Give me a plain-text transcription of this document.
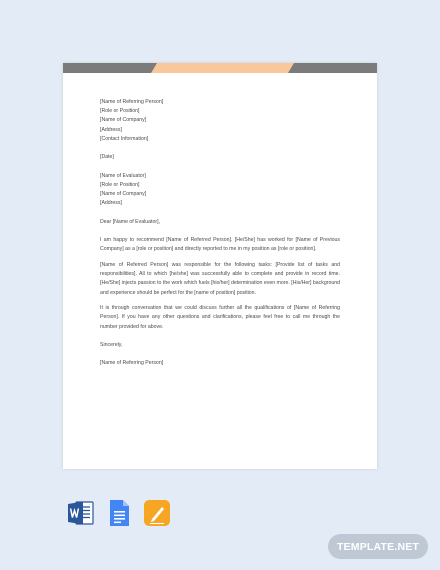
[Name of Referring Person]
[Role or Position]
[Name of Company]
[Address]
[Contact Information]
[Date]
[Name of Evaluator]
[Role or Position]
[Name of Company]
[Address]
Dear [Name of Evaluator],

I am happy to recommend [Name of Referred Person]. [He/She] has worked for [Name of Previous Company] as a [role or position] and directly reported to me in my position as [role or position].

[Name of Referred Person] was responsible for the following tasks: [Provide list of tasks and responsibilities]. All to which [he/she] was successfully able to complete and provide in record time. [He/She] injects passion to the work which fuels [his/her] determination even more. [His/Her] background and experience should be perfect for the [name of position] position.

It is through conversation that we could discuss further all the qualifications of [Name of Referring Person]. If you have any other questions and clarifications, please feel free to call me through the number provided for above.

Sincerely,
[Name of Referring Person]
TEMPLATE.NET
